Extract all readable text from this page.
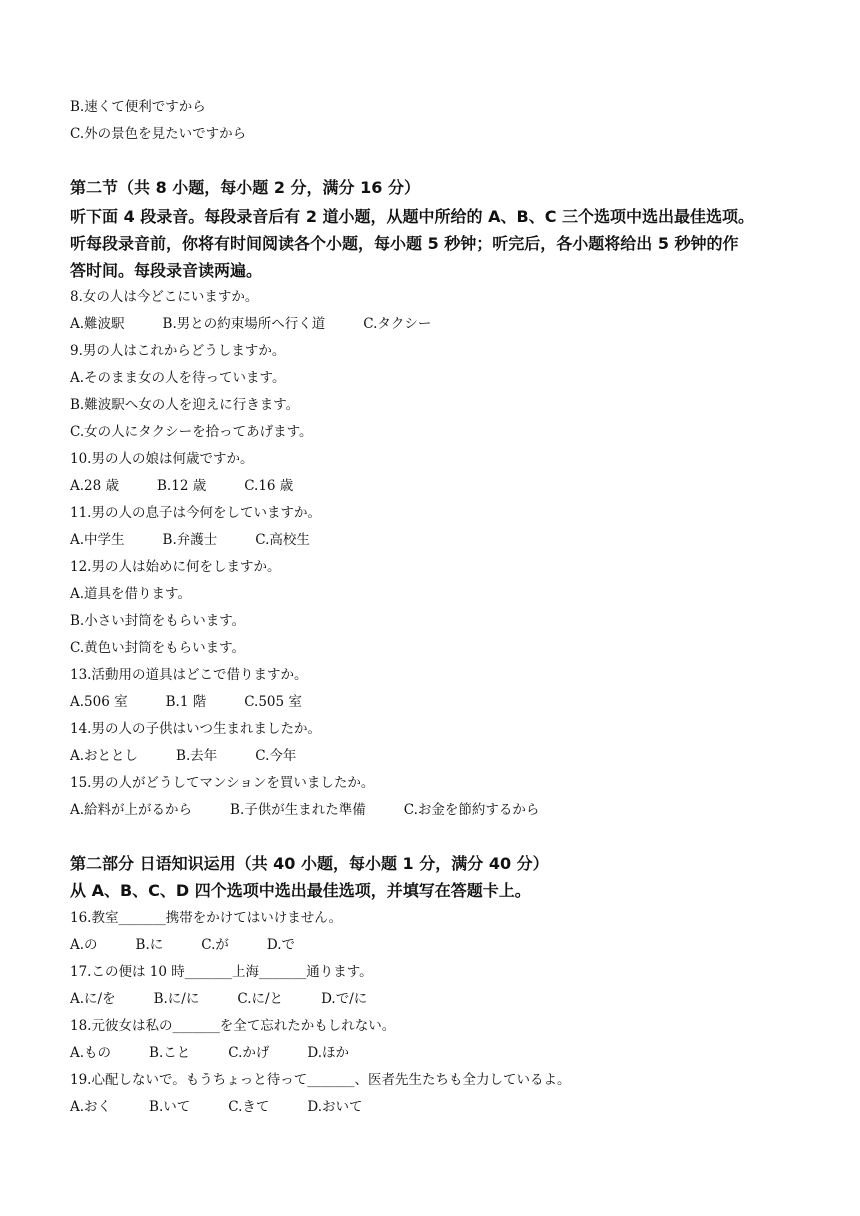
B.速くて便利ですから
C.外の景色を見たいですから
第二节（共 8 小题，每小题 2 分，满分 16 分）
听下面 4 段录音。每段录音后有 2 道小题，从题中所给的 A、B、C 三个选项中选出最佳选项。
听每段录音前，你将有时间阅读各个小题，每小题 5 秒钟；听完后，各小题将给出 5 秒钟的作
答时间。每段录音读两遍。
8.女の人は今どこにいますか。
A.難波駅	B.男との約束場所へ行く道	C.タクシー
9.男の人はこれからどうしますか。
A.そのまま女の人を待っています。
B.難波駅へ女の人を迎えに行きます。
C.女の人にタクシーを拾ってあげます。
10.男の人の娘は何歳ですか。
A.28 歳	B.12 歳	C.16 歳
11.男の人の息子は今何をしていますか。
A.中学生	B.弁護士	C.高校生
12.男の人は始めに何をしますか。
A.道具を借ります。
B.小さい封筒をもらいます。
C.黄色い封筒をもらいます。
13.活動用の道具はどこで借りますか。
A.506 室	B.1 階	C.505 室
14.男の人の子供はいつ生まれましたか。
A.おととし	B.去年	C.今年
15.男の人がどうしてマンションを買いましたか。
A.給料が上がるから	B.子供が生まれた準備	C.お金を節約するから
第二部分 日语知识运用（共 40 小题，每小题 1 分，满分 40 分）
从 A、B、C、D 四个选项中选出最佳选项，并填写在答题卡上。
16.教室_______携帯をかけてはいけません。
A.の	B.に	C.が	D.で
17.この便は 10 時_______上海_______通ります。
A.に/を	B.に/に	C.に/と	D.で/に
18.元彼女は私の_______を全て忘れたかもしれない。
A.もの	B.こと	C.かげ	D.ほか
19.心配しないで。もうちょっと待って_______、医者先生たちも全力しているよ。
A.おく	B.いて	C.きて	D.おいて
